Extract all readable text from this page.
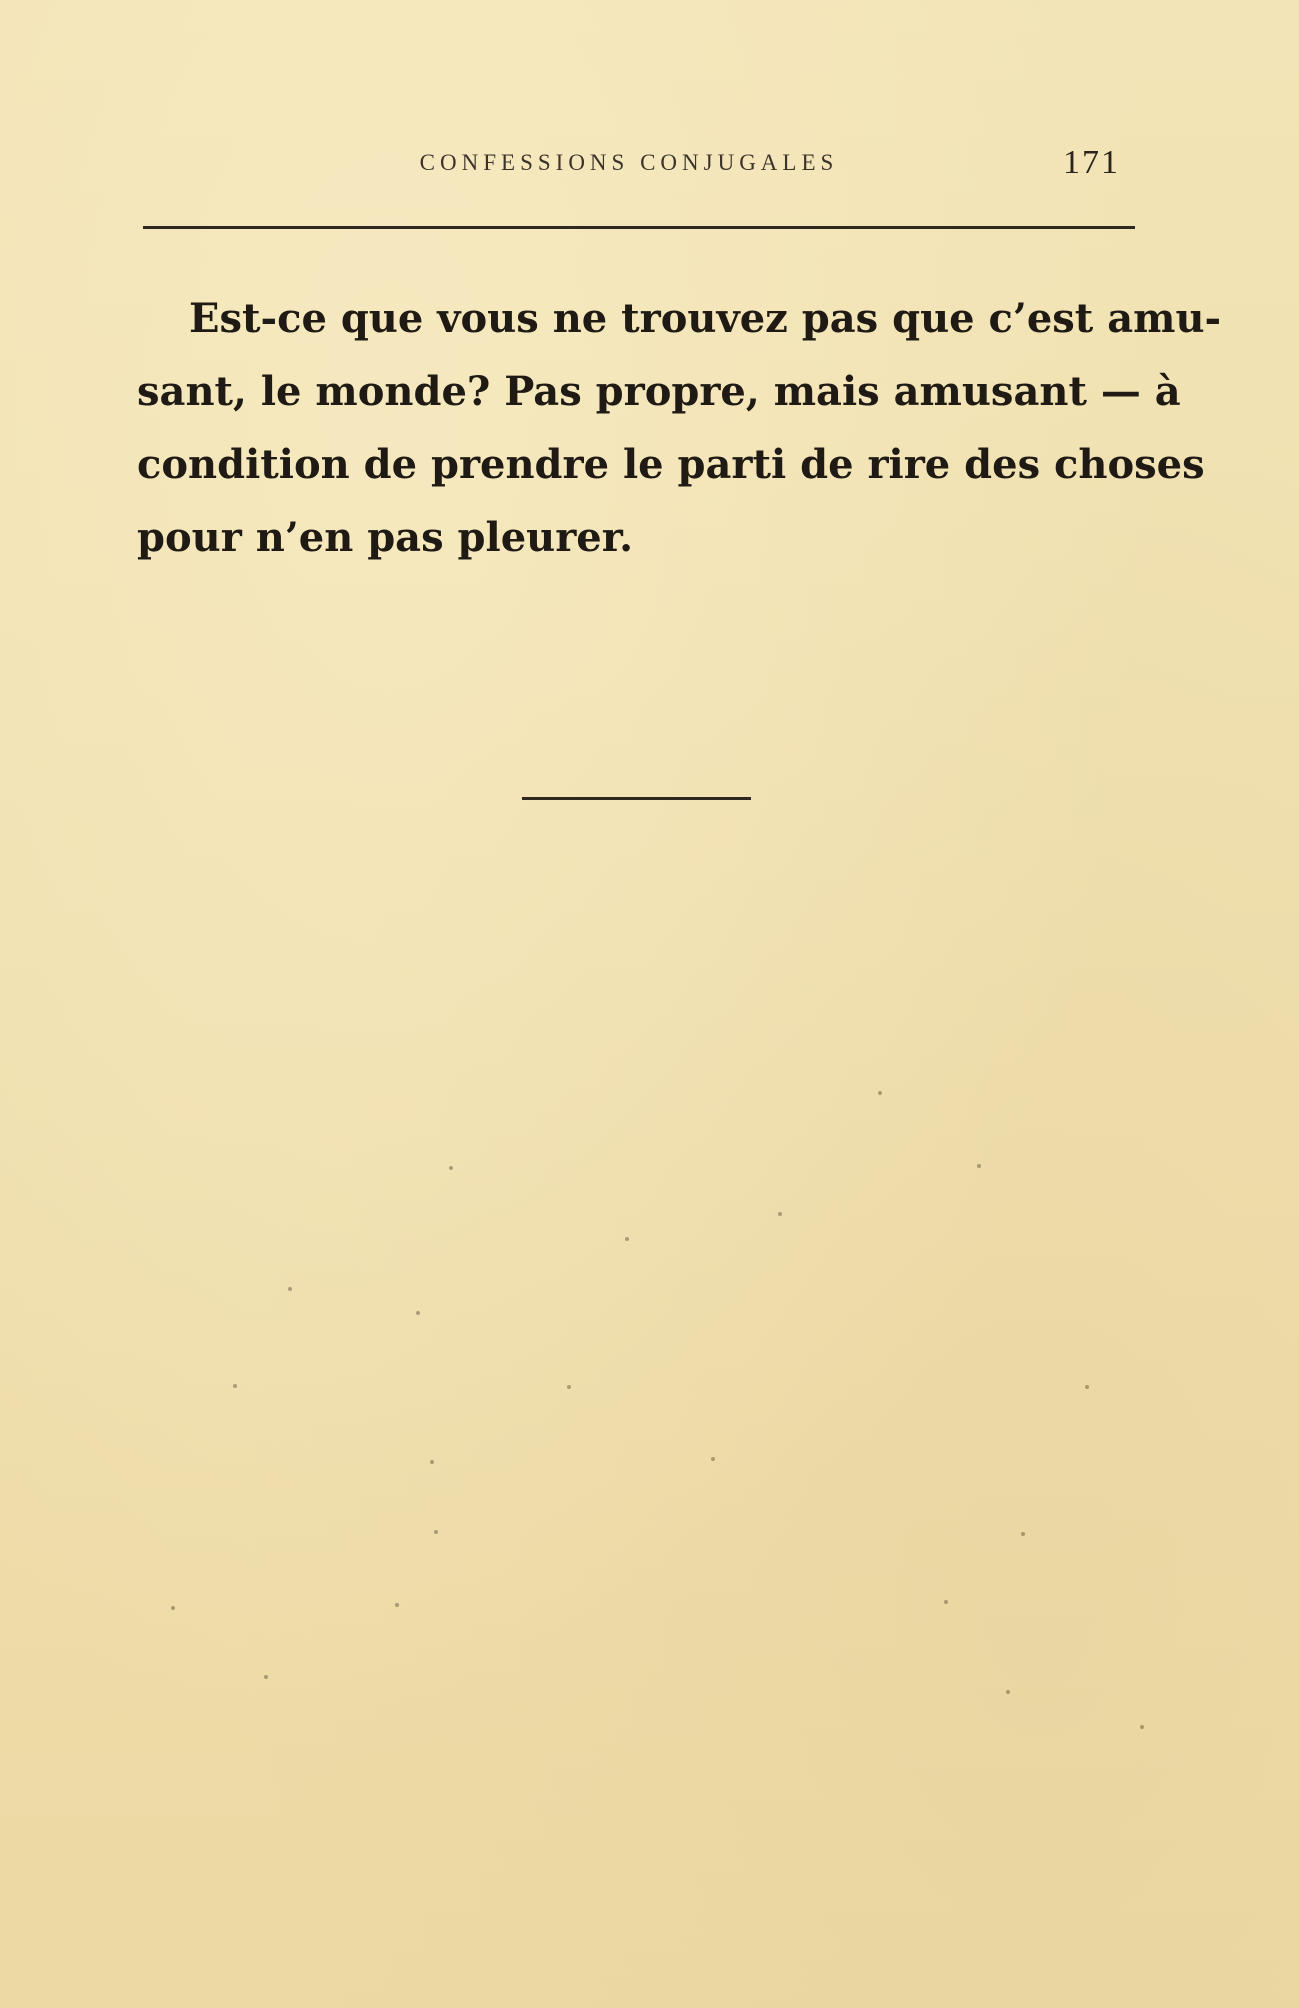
CONFESSIONS CONJUGALES	171
Est-ce que vous ne trouvez pas que c’est amu-
sant, le monde? Pas propre, mais amusant — à
condition de prendre le parti de rire des choses
pour n’en pas pleurer.
